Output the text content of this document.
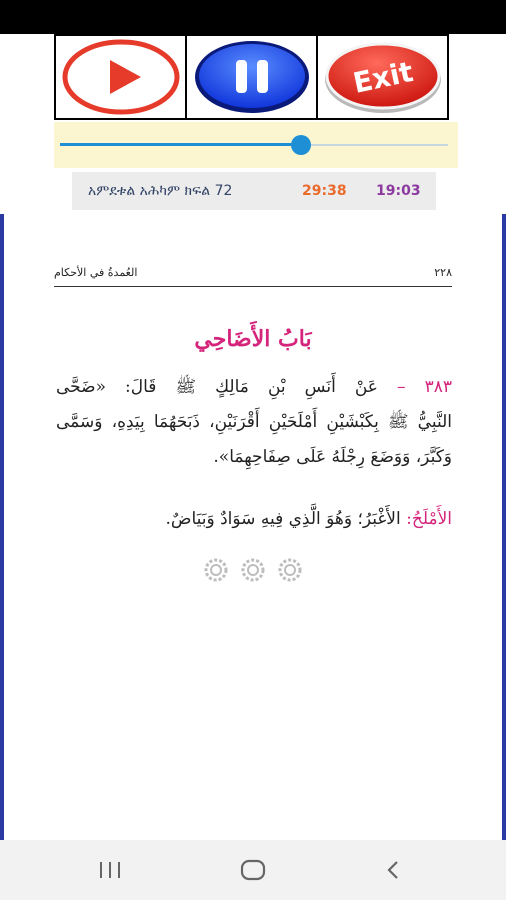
Exit
አምደቱል አሕካም ክፍል 72	29:38 19:03
العُمدةُ في الأحكام	٢٢٨
بَابُ الأَضَاحِي
٣٨٣ – عَنْ أَنَسِ بْنِ مَالِكٍ ﷺ قَالَ: «ضَحَّى
النَّبِيُّ ﷺ بِكَبْشَيْنِ أَمْلَحَيْنِ أَقْرَنَيْنِ، ذَبَحَهُمَا بِيَدِهِ، وَسَمَّى
وَكَبَّرَ، وَوَضَعَ رِجْلَهُ عَلَى صِفَاحِهِمَا».
الأَمْلَحُ: الأَغْبَرُ؛ وَهُوَ الَّذِي فِيهِ سَوَادٌ وَبَيَاضٌ.
